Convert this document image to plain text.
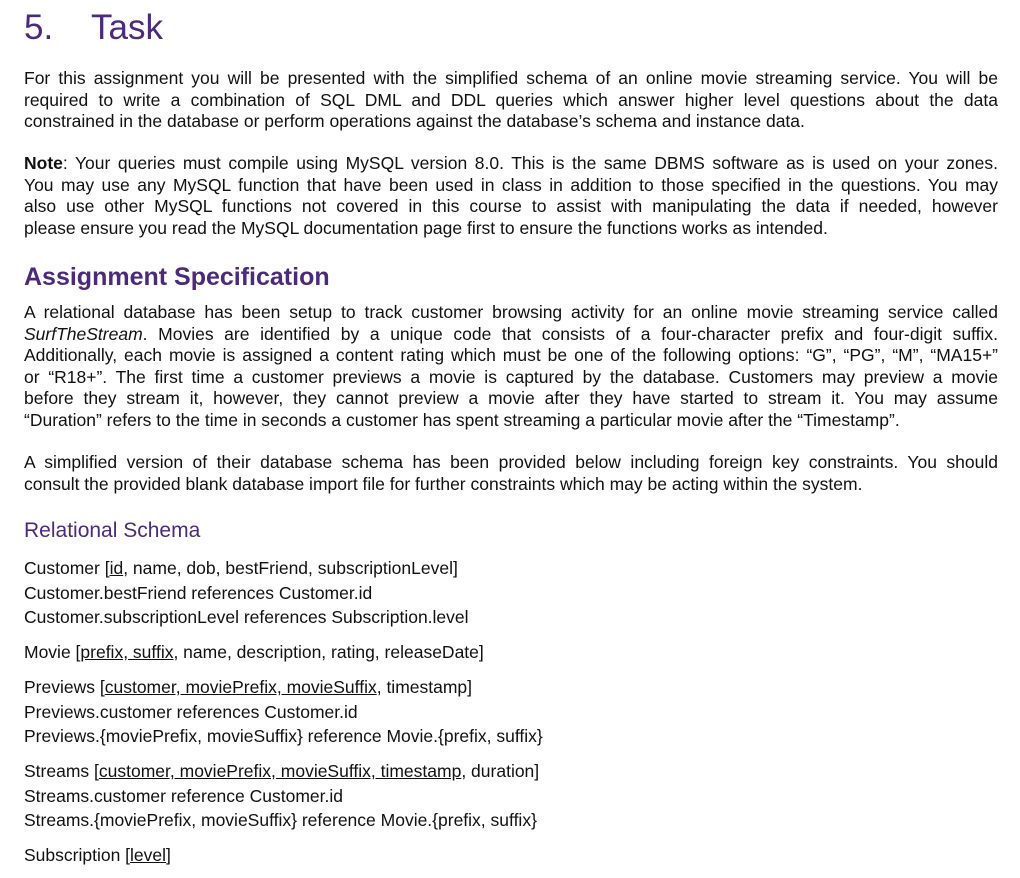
5. Task
For this assignment you will be presented with the simplified schema of an online movie streaming service. You will be
required to write a combination of SQL DML and DDL queries which answer higher level questions about the data
constrained in the database or perform operations against the database’s schema and instance data.
Note: Your queries must compile using MySQL version 8.0. This is the same DBMS software as is used on your zones.
You may use any MySQL function that have been used in class in addition to those specified in the questions. You may
also use other MySQL functions not covered in this course to assist with manipulating the data if needed, however
please ensure you read the MySQL documentation page first to ensure the functions works as intended.
Assignment Specification
A relational database has been setup to track customer browsing activity for an online movie streaming service called
SurfTheStream. Movies are identified by a unique code that consists of a four-character prefix and four-digit suffix.
Additionally, each movie is assigned a content rating which must be one of the following options: “G”, “PG”, “M”, “MA15+”
or “R18+”. The first time a customer previews a movie is captured by the database. Customers may preview a movie
before they stream it, however, they cannot preview a movie after they have started to stream it. You may assume
“Duration” refers to the time in seconds a customer has spent streaming a particular movie after the “Timestamp”.
A simplified version of their database schema has been provided below including foreign key constraints. You should
consult the provided blank database import file for further constraints which may be acting within the system.
Relational Schema
Customer [id, name, dob, bestFriend, subscriptionLevel]
Customer.bestFriend references Customer.id
Customer.subscriptionLevel references Subscription.level
Movie [prefix, suffix, name, description, rating, releaseDate]
Previews [customer, moviePrefix, movieSuffix, timestamp]
Previews.customer references Customer.id
Previews.{moviePrefix, movieSuffix} reference Movie.{prefix, suffix}
Streams [customer, moviePrefix, movieSuffix, timestamp, duration]
Streams.customer reference Customer.id
Streams.{moviePrefix, movieSuffix} reference Movie.{prefix, suffix}
Subscription [level]
